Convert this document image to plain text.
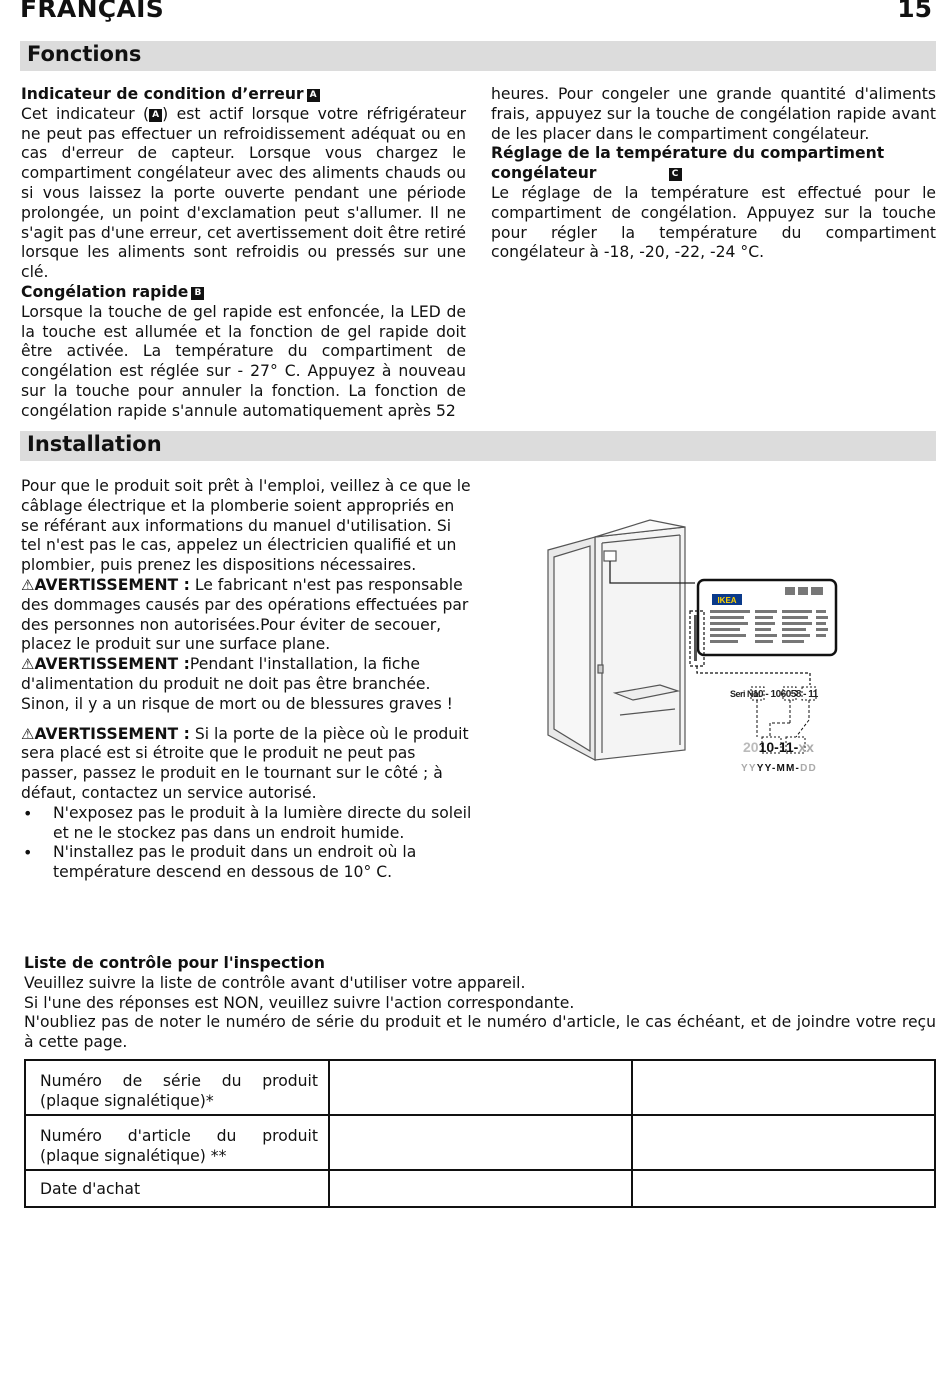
FRANÇAIS	15
Fonctions
Indicateur de condition d’erreur A
Cet indicateur ( A ) est actif lorsque votre réfrigérateur ne peut pas effectuer un refroidissement adéquat ou en cas d'erreur de capteur. Lorsque vous chargez le compartiment congélateur avec des aliments chauds ou si vous laissez la porte ouverte pendant une période prolongée, un point d'exclamation peut s'allumer. Il ne s'agit pas d'une erreur, cet avertissement doit être retiré lorsque les aliments sont refroidis ou pressés sur une clé.
Congélation rapide B
Lorsque la touche de gel rapide est enfoncée, la LED de la touche est allumée et la fonction de gel rapide doit être activée. La température du compartiment de congélation est réglée sur - 27° C. Appuyez à nouveau sur la touche pour annuler la fonction. La fonction de congélation rapide s'annule automatiquement après 52
heures. Pour congeler une grande quantité d'aliments frais, appuyez sur la touche de congélation rapide avant de les placer dans le compartiment congélateur.
Réglage de la température du compartiment
congélateur	C
Le réglage de la température est effectué pour le compartiment de congélation. Appuyez sur la touche pour régler la température du compartiment congélateur à -18, -20, -22, -24 °C.
Installation
Pour que le produit soit prêt à l'emploi, veillez à ce que le câblage électrique et la plomberie soient appropriés en se référant aux informations du manuel d'utilisation. Si tel n'est pas le cas, appelez un électricien qualifié et un plombier, puis prenez les dispositions nécessaires.
⚠AVERTISSEMENT : Le fabricant n'est pas responsable des dommages causés par des opérations effectuées par des personnes non autorisées.Pour éviter de secouer, placez le produit sur une surface plane.
⚠AVERTISSEMENT :Pendant l'installation, la fiche d'alimentation du produit ne doit pas être branchée. Sinon, il y a un risque de mort ou de blessures graves !
⚠AVERTISSEMENT : Si la porte de la pièce où le produit sera placé est si étroite que le produit ne peut pas passer, passez le produit en le tournant sur le côté ; à défaut, contactez un service autorisé.
• N'exposez pas le produit à la lumière directe du soleil et ne le stockez pas dans un endroit humide.
• N'installez pas le produit dans un endroit où la température descend en dessous de 10° C.
IKEA
Seri No:
10 - 106058 - 11
2010-11-xx
YYYY-MM-DD
Liste de contrôle pour l'inspection
Veuillez suivre la liste de contrôle avant d'utiliser votre appareil.
Si l'une des réponses est NON, veuillez suivre l'action correspondante.
N'oubliez pas de noter le numéro de série du produit et le numéro d'article, le cas échéant, et de joindre votre reçu à cette page.
Numéro de série du produit (plaque signalétique)*		

Numéro d'article du produit (plaque signalétique) **		

Date d'achat		
